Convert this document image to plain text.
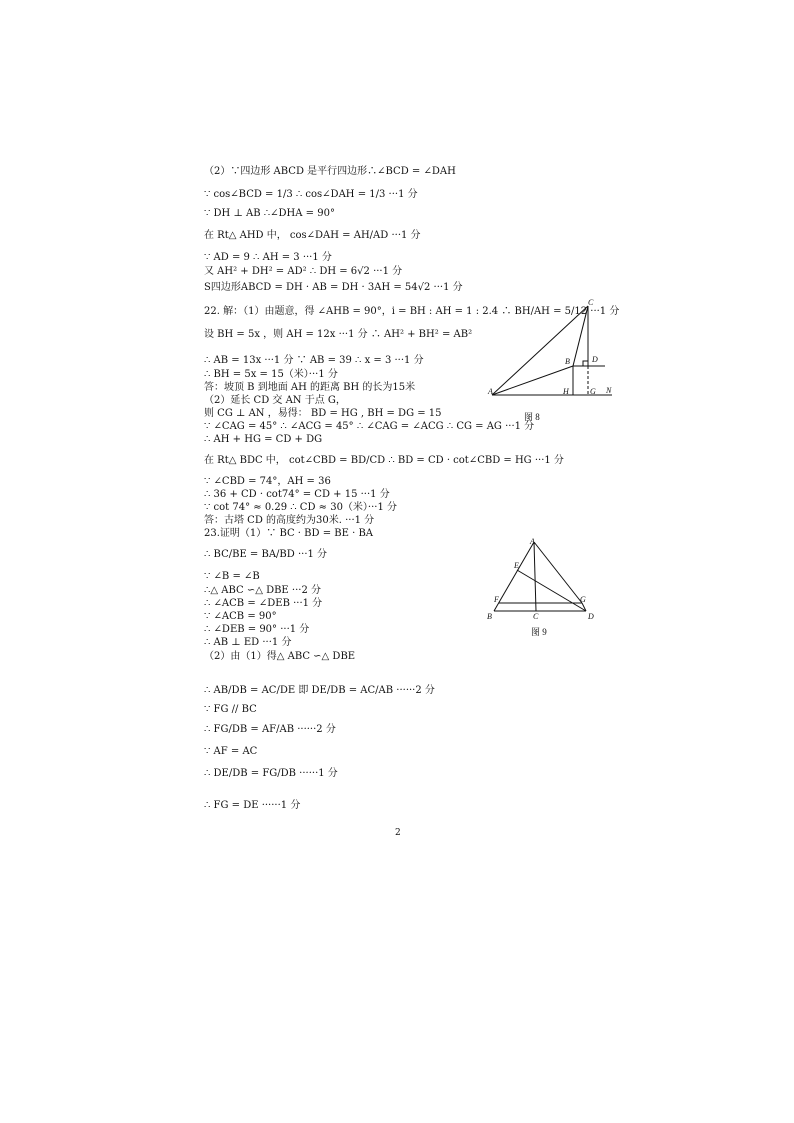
（2）∵四边形 ABCD 是平行四边形∴∠BCD = ∠DAH
∵ cos∠BCD = 1/3 ∴ cos∠DAH = 1/3 ···1 分
∵ DH ⊥ AB ∴∠DHA = 90°
在 Rt△ AHD 中， cos∠DAH = AH/AD ···1 分
∵ AD = 9 ∴ AH = 3 ···1 分
又 AH² + DH² = AD² ∴ DH = 6√2 ···1 分
S四边形ABCD = DH · AB = DH · 3AH = 54√2 ···1 分
22. 解：（1）由题意，得 ∠AHB = 90°，i = BH : AH = 1 : 2.4 ∴ BH/AH = 5/12 ···1 分
设 BH = 5x ，则 AH = 12x ···1 分 ∴ AH² + BH² = AB²
∴ AB = 13x ···1 分 ∵ AB = 39 ∴ x = 3 ···1 分
∴ BH = 5x = 15（米）···1 分
答：坡顶 B 到地面 AH 的距离 BH 的长为15米
（2）延长 CD 交 AN 于点 G，
则 CG ⊥ AN ，易得： BD = HG , BH = DG = 15
∵ ∠CAG = 45° ∴ ∠ACG = 45° ∴ ∠CAG = ∠ACG ∴ CG = AG ···1 分
∴ AH + HG = CD + DG
在 Rt△ BDC 中， cot∠CBD = BD/CD ∴ BD = CD · cot∠CBD = HG ···1 分
∵ ∠CBD = 74°，AH = 36
∴ 36 + CD · cot74° = CD + 15 ···1 分
∵ cot 74° ≈ 0.29 ∴ CD ≈ 30（米）···1 分
答：古塔 CD 的高度约为30米. ···1 分
23.证明（1）∵ BC · BD = BE · BA
∴ BC/BE = BA/BD ···1 分
∵ ∠B = ∠B
∴△ ABC ∽△ DBE ···2 分
∴ ∠ACB = ∠DEB ···1 分
∵ ∠ACB = 90°
∴ ∠DEB = 90° ···1 分
∴ AB ⊥ ED ···1 分
（2）由（1）得△ ABC ∽△ DBE
∴ AB/DB = AC/DE 即 DE/DB = AC/AB ······2 分
∵ FG // BC
∴ FG/DB = AF/AB ······2 分
∵ AF = AC
∴ DE/DB = FG/DB ······1 分
∴ FG = DE ······1 分
C
B	D
A	H	G N
图 8
A
E
F	G
B	C	D
图 9
2
